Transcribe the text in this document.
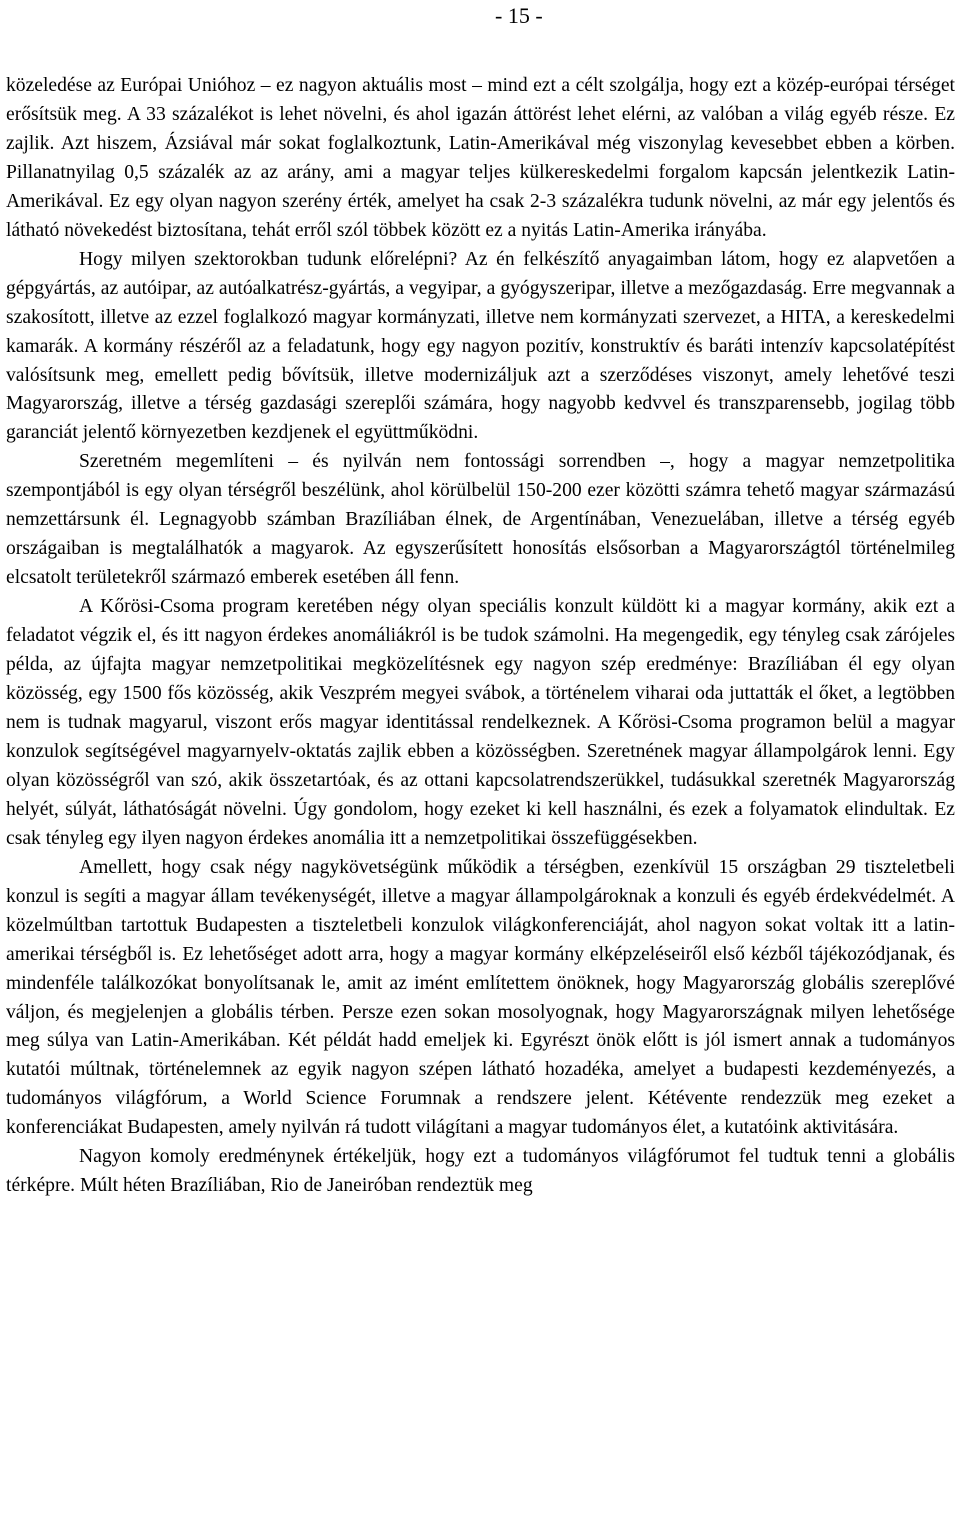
- 15 -

közeledése az Európai Unióhoz – ez nagyon aktuális most – mind ezt a célt szolgálja, hogy ezt a közép-európai térséget erősítsük meg. A 33 százalékot is lehet növelni, és ahol igazán áttörést lehet elérni, az valóban a világ egyéb része. Ez zajlik. Azt hiszem, Ázsiával már sokat foglalkoztunk, Latin-Amerikával még viszonylag kevesebbet ebben a körben. Pillanatnyilag 0,5 százalék az az arány, ami a magyar teljes külkereskedelmi forgalom kapcsán jelentkezik Latin-Amerikával. Ez egy olyan nagyon szerény érték, amelyet ha csak 2-3 százalékra tudunk növelni, az már egy jelentős és látható növekedést biztosítana, tehát erről szól többek között ez a nyitás Latin-Amerika irányába.

Hogy milyen szektorokban tudunk előrelépni? Az én felkészítő anyagaimban látom, hogy ez alapvetően a gépgyártás, az autóipar, az autóalkatrész-gyártás, a vegyipar, a gyógyszeripar, illetve a mezőgazdaság. Erre megvannak a szakosított, illetve az ezzel foglalkozó magyar kormányzati, illetve nem kormányzati szervezet, a HITA, a kereskedelmi kamarák. A kormány részéről az a feladatunk, hogy egy nagyon pozitív, konstruktív és baráti intenzív kapcsolatépítést valósítsunk meg, emellett pedig bővítsük, illetve modernizáljuk azt a szerződéses viszonyt, amely lehetővé teszi Magyarország, illetve a térség gazdasági szereplői számára, hogy nagyobb kedvvel és transzparensebb, jogilag több garanciát jelentő környezetben kezdjenek el együttműködni.

Szeretném megemlíteni – és nyilván nem fontossági sorrendben –, hogy a magyar nemzetpolitika szempontjából is egy olyan térségről beszélünk, ahol körülbelül 150-200 ezer közötti számra tehető magyar származású nemzettársunk él. Legnagyobb számban Brazíliában élnek, de Argentínában, Venezuelában, illetve a térség egyéb országaiban is megtalálhatók a magyarok. Az egyszerűsített honosítás elsősorban a Magyarországtól történelmileg elcsatolt területekről származó emberek esetében áll fenn.

A Kőrösi-Csoma program keretében négy olyan speciális konzult küldött ki a magyar kormány, akik ezt a feladatot végzik el, és itt nagyon érdekes anomáliákról is be tudok számolni. Ha megengedik, egy tényleg csak zárójeles példa, az újfajta magyar nemzetpolitikai megközelítésnek egy nagyon szép eredménye: Brazíliában él egy olyan közösség, egy 1500 fős közösség, akik Veszprém megyei svábok, a történelem viharai oda juttatták el őket, a legtöbben nem is tudnak magyarul, viszont erős magyar identitással rendelkeznek. A Kőrösi-Csoma programon belül a magyar konzulok segítségével magyarnyelv-oktatás zajlik ebben a közösségben. Szeretnének magyar állampolgárok lenni. Egy olyan közösségről van szó, akik összetartóak, és az ottani kapcsolatrendszerükkel, tudásukkal szeretnék Magyarország helyét, súlyát, láthatóságát növelni. Úgy gondolom, hogy ezeket ki kell használni, és ezek a folyamatok elindultak. Ez csak tényleg egy ilyen nagyon érdekes anomália itt a nemzetpolitikai összefüggésekben.

Amellett, hogy csak négy nagykövetségünk működik a térségben, ezenkívül 15 országban 29 tiszteletbeli konzul is segíti a magyar állam tevékenységét, illetve a magyar állampolgároknak a konzuli és egyéb érdekvédelmét. A közelmúltban tartottuk Budapesten a tiszteletbeli konzulok világkonferenciáját, ahol nagyon sokat voltak itt a latin-amerikai térségből is. Ez lehetőséget adott arra, hogy a magyar kormány elképzeléseiről első kézből tájékozódjanak, és mindenféle találkozókat bonyolítsanak le, amit az imént említettem önöknek, hogy Magyarország globális szereplővé váljon, és megjelenjen a globális térben. Persze ezen sokan mosolyognak, hogy Magyarországnak milyen lehetősége meg súlya van Latin-Amerikában. Két példát hadd emeljek ki. Egyrészt önök előtt is jól ismert annak a tudományos kutatói múltnak, történelemnek az egyik nagyon szépen látható hozadéka, amelyet a budapesti kezdeményezés, a tudományos világfórum, a World Science Forumnak a rendszere jelent. Kétévente rendezzük meg ezeket a konferenciákat Budapesten, amely nyilván rá tudott világítani a magyar tudományos élet, a kutatóink aktivitására.

Nagyon komoly eredménynek értékeljük, hogy ezt a tudományos világfórumot fel tudtuk tenni a globális térképre. Múlt héten Brazíliában, Rio de Janeiróban rendeztük meg
